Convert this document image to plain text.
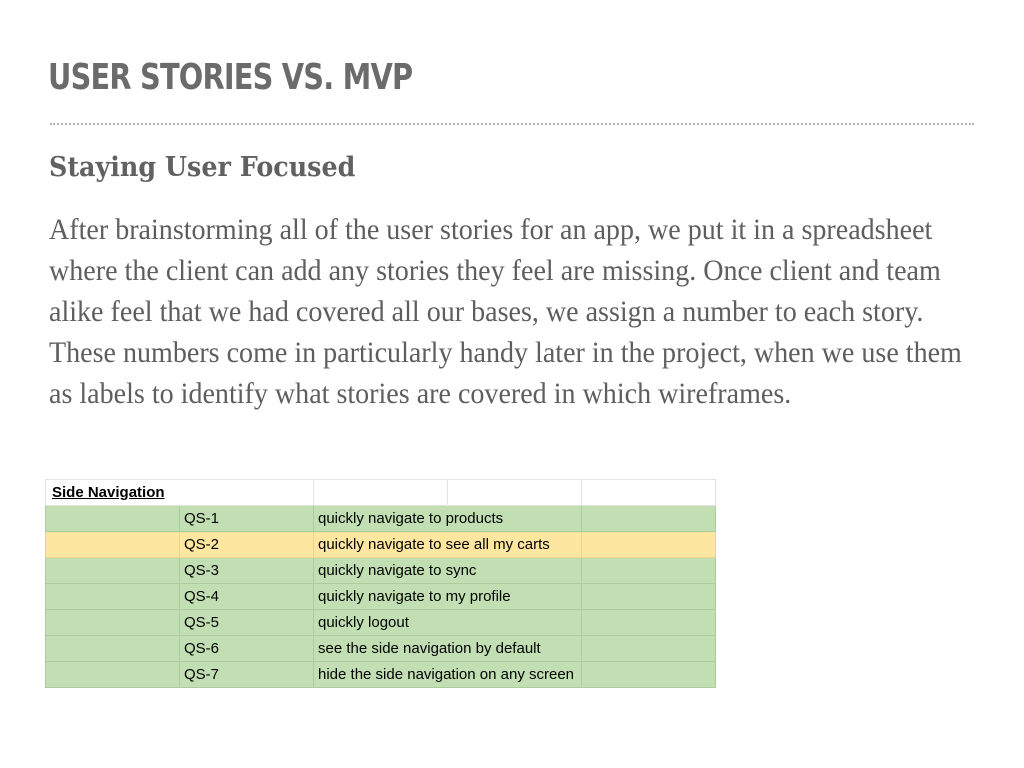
USER STORIES VS. MVP
Staying User Focused

After brainstorming all of the user stories for an app, we put it in a spreadsheet where the client can add any stories they feel are missing. Once client and team alike feel that we had covered all our bases, we assign a number to each story. These numbers come in particularly handy later in the project, when we use them as labels to identify what stories are covered in which wireframes.

Side Navigation				
	QS-1	quickly navigate to products		
	QS-2	quickly navigate to see all my carts		
	QS-3	quickly navigate to sync		
	QS-4	quickly navigate to my profile		
	QS-5	quickly logout		
	QS-6	see the side navigation by default		
	QS-7	hide the side navigation on any screen		
